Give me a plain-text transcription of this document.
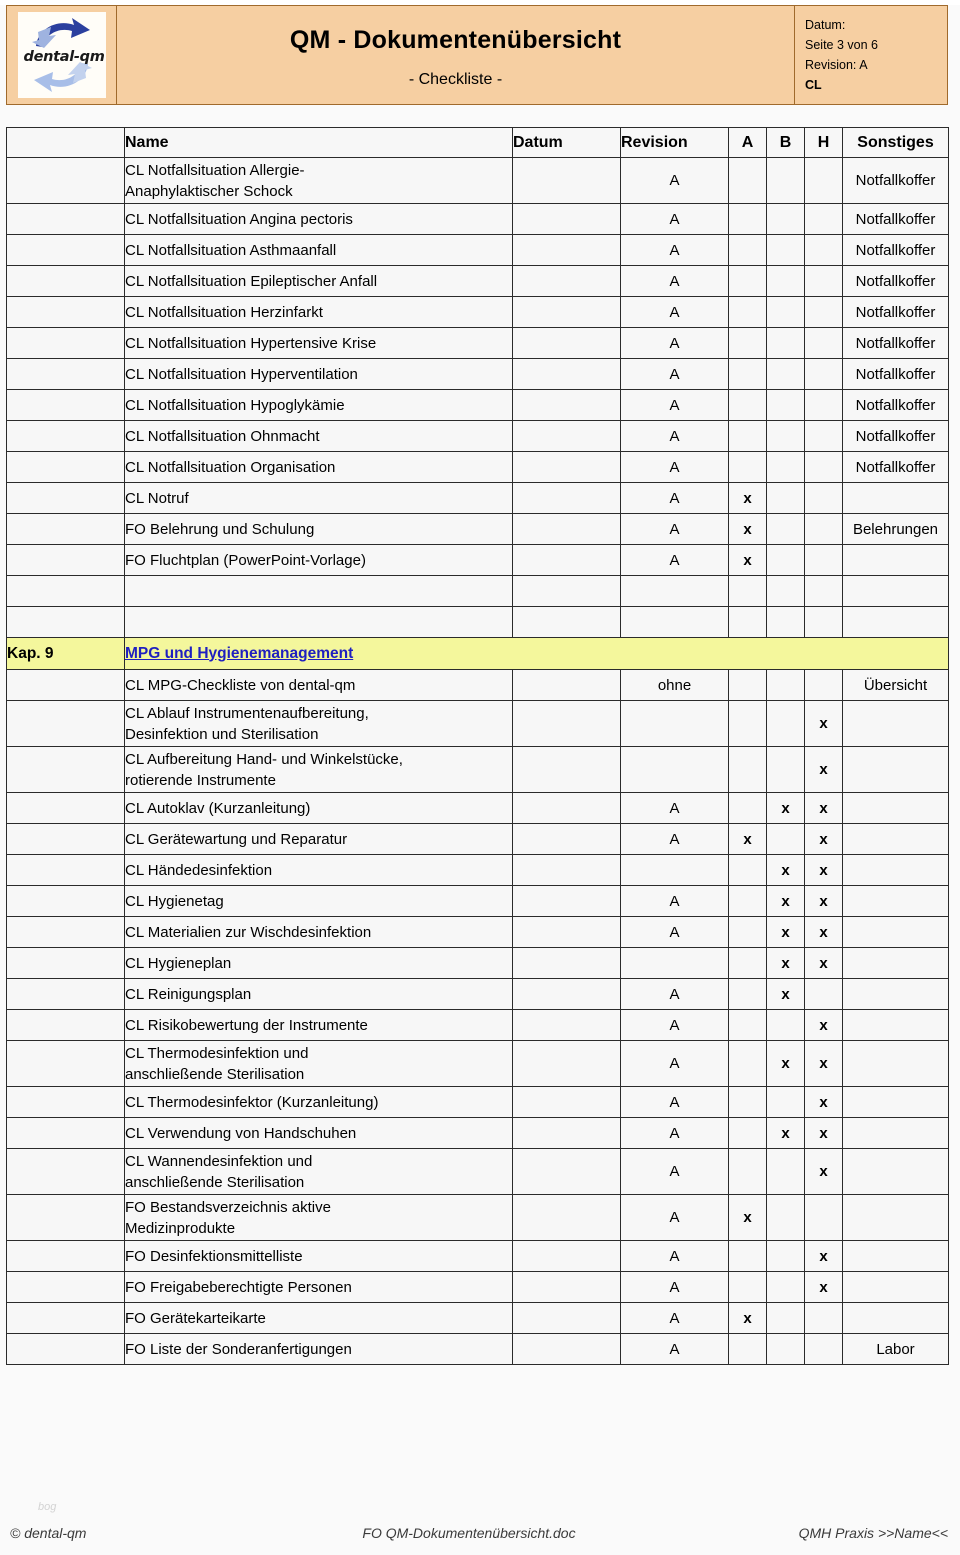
dental-qm
QM - Dokumentenübersicht
- Checkliste -
Datum:
Seite 3 von 6
Revision: A
CL
	Name	Datum	Revision	A	B	H	Sonstiges
	CL Notfallsituation Allergie-
Anaphylaktischer Schock		A				Notfallkoffer
	CL Notfallsituation Angina pectoris		A				Notfallkoffer
	CL Notfallsituation Asthmaanfall		A				Notfallkoffer
	CL Notfallsituation Epileptischer Anfall		A				Notfallkoffer
	CL Notfallsituation Herzinfarkt		A				Notfallkoffer
	CL Notfallsituation Hypertensive Krise		A				Notfallkoffer
	CL Notfallsituation Hyperventilation		A				Notfallkoffer
	CL Notfallsituation Hypoglykämie		A				Notfallkoffer
	CL Notfallsituation Ohnmacht		A				Notfallkoffer
	CL Notfallsituation Organisation		A				Notfallkoffer
	CL Notruf		A	x			
	FO Belehrung und Schulung		A	x			Belehrungen
	FO Fluchtplan (PowerPoint-Vorlage)		A	x			

Kap. 9	MPG und Hygienemanagement						
	CL MPG-Checkliste von dental-qm		ohne				Übersicht
	CL Ablauf Instrumentenaufbereitung,
Desinfektion und Sterilisation					x	
	CL Aufbereitung Hand- und Winkelstücke,
rotierende Instrumente					x	
	CL Autoklav (Kurzanleitung)		A		x	x	
	CL Gerätewartung und Reparatur		A	x		x	
	CL Händedesinfektion				x	x	
	CL Hygienetag		A		x	x	
	CL Materialien zur Wischdesinfektion		A		x	x	
	CL Hygieneplan				x	x	
	CL Reinigungsplan		A		x		
	CL Risikobewertung der Instrumente		A			x	
	CL Thermodesinfektion und
anschließende Sterilisation		A		x	x	
	CL Thermodesinfektor (Kurzanleitung)		A			x	
	CL Verwendung von Handschuhen		A		x	x	
	CL Wannendesinfektion und
anschließende Sterilisation		A			x	
	FO Bestandsverzeichnis aktive
Medizinprodukte		A	x			
	FO Desinfektionsmittelliste		A			x	
	FO Freigabeberechtigte Personen		A			x	
	FO Gerätekarteikarte		A	x			
	FO Liste der Sonderanfertigungen		A				Labor
bog
© dental-qm	FO QM-Dokumentenübersicht.doc	QMH Praxis >>Name<<
